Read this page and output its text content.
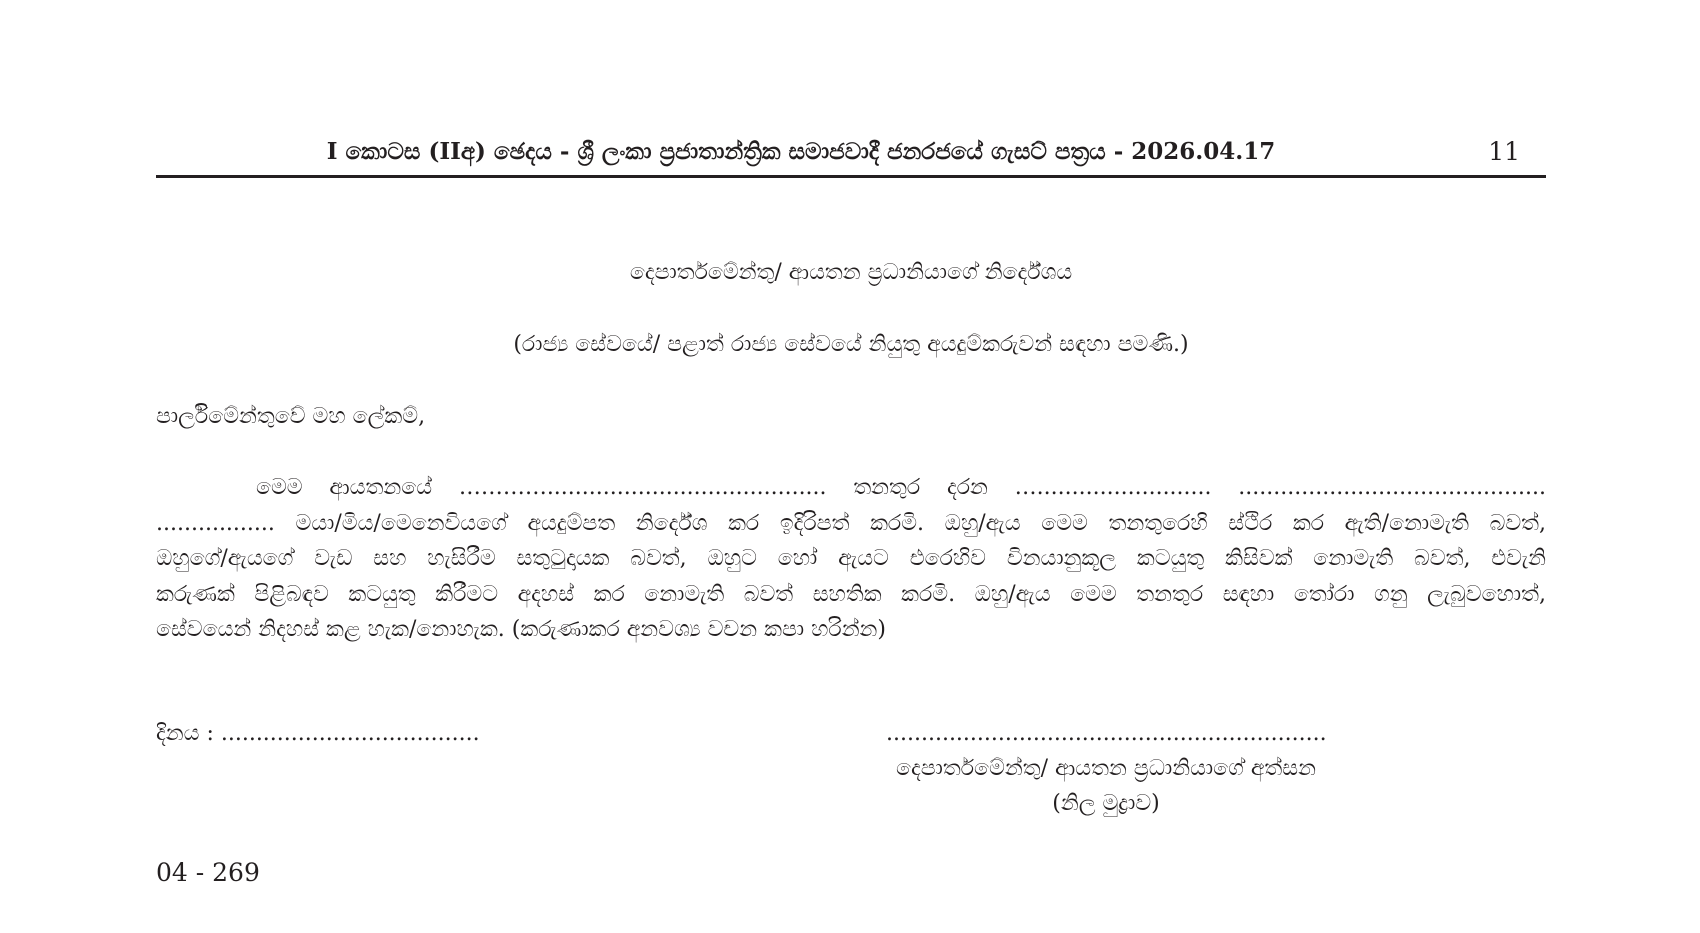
I කොටස (IIඅ) ඡෙදය - ශ්‍රී ලංකා ප්‍රජාතාන්ත්‍රික සමාජවාදී ජනරජයේ ගැසට් පත්‍රය - 2026.04.17	11
දෙපාර්තමේන්තු/ ආයතන ප්‍රධානියාගේ නිර්දේශය
(රාජ්‍ය සේවයේ/ පළාත් රාජ්‍ය සේවයේ නියුතු අයදුම්කරුවන් සඳහා පමණි.)
පාර්ලිමේන්තුවේ මහ ලේකම්,
මෙම ආයතනයේ …………........................................ තනතුර දරන …......................... ............................................
................. මයා/මිය/මෙනෙවියගේ අයදුම්පත නිර්දේශ කර ඉදිරිපත් කරමි. ඔහු/ඇය මෙම තනතුරෙහි ස්ථිර කර ඇති/නොමැති බවත්,
ඔහුගේ/ඇයගේ වැඩ සහ හැසිරීම සතුටුදායක බවත්, ඔහුට හෝ ඇයට එරෙහිව විනයානුකූල කටයුතු කිසිවක් නොමැති බවත්, එවැනි
කරුණක් පිළිබඳව කටයුතු කිරීමට අදහස් කර නොමැති බවත් සහතික කරමි. ඔහු/ඇය මෙම තනතුර සඳහා තෝරා ගනු ලැබුවහොත්,
සේවයෙන් නිදහස් කළ හැක/නොහැක. (කරුණාකර අනවශ්‍ය වචන කපා හරින්න)
දිනය : .....................................	...............................................................
දෙපාර්තමේන්තු/ ආයතන ප්‍රධානියාගේ අත්සන
(නිල මුද්‍රාව)
04 - 269
